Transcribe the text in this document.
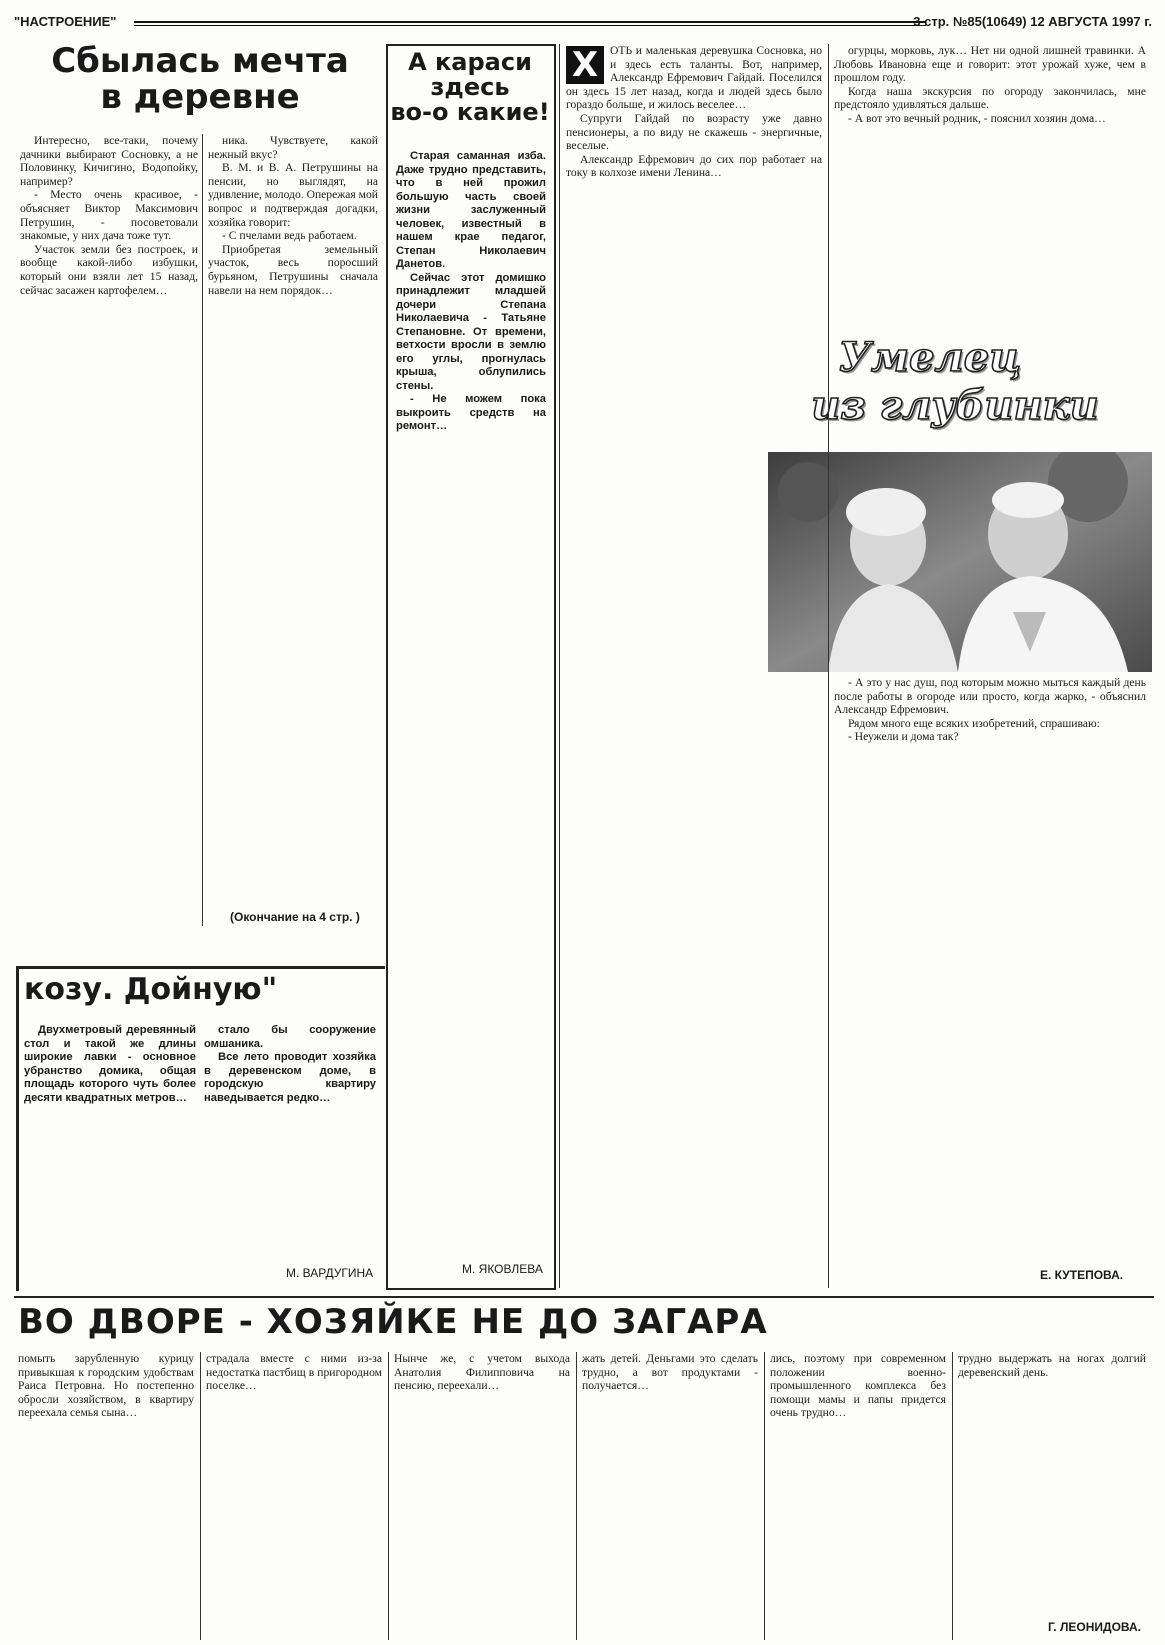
"НАСТРОЕНИЕ"	3 стр. №85(10649) 12 АВГУСТА 1997 г.
Сбылась мечта
в деревне

Интересно, все-таки, почему дачники выбирают Сосновку, а не Половинку, Кичигино, Водопойку, например?

- Место очень красивое, - объясняет Виктор Максимович Петрушин, - посоветовали знакомые, у них дача тоже тут.

Участок земли без построек, и вообще какой-либо избушки, который они взяли лет 15 назад, сейчас засажен картофелем…

ника. Чувствуете, какой нежный вкус?

В. М. и В. А. Петрушины на пенсии, но выглядят, на удивление, молодо. Опережая мой вопрос и подтверждая догадки, хозяйка говорит:

- С пчелами ведь работаем.

Приобретая земельный участок, весь поросший бурьяном, Петрушины сначала навели на нем порядок…

(Окончание на 4 стр. )
А караси
здесь
во-о какие!

Старая саманная изба. Даже трудно представить, что в ней прожил большую часть своей жизни заслуженный человек, известный в нашем крае педагог, Степан Николаевич Данетов.

Сейчас этот домишко принадлежит младшей дочери Степана Николаевича - Татьяне Степановне. От времени, ветхости вросли в землю его углы, прогнулась крыша, облупились стены.

- Не можем пока выкроить средств на ремонт…

М. ЯКОВЛЕВА
Х	ОТЬ и маленькая деревушка Сосновка, но и здесь есть таланты. Вот, например, Александр Ефремович Гайдай. Поселился он здесь 15 лет назад, когда и людей здесь было гораздо больше, и жилось веселее…

Супруги Гайдай по возрасту уже давно пенсионеры, а по виду не скажешь - энергичные, веселые.

Александр Ефремович до сих пор работает на току в колхозе имени Ленина…

огурцы, морковь, лук… Нет ни одной лишней травинки. А Любовь Ивановна еще и говорит: этот урожай хуже, чем в прошлом году.

Когда наша экскурсия по огороду закончилась, мне предстояло удивляться дальше.

- А вот это вечный родник, - пояснил хозяин дома…

Умелец
из глубинки

- А это у нас душ, под которым можно мыться каждый день после работы в огороде или просто, когда жарко, - объяснил Александр Ефремович.

Рядом много еще всяких изобретений, спрашиваю:

- Неужели и дома так?

Е. КУТЕПОВА.
козу. Дойную"

Двухметровый деревянный стол и такой же длины широкие лавки - основное убранство домика, общая площадь которого чуть более десяти квадратных метров…

стало бы сооружение омшаника.

Все лето проводит хозяйка в деревенском доме, в городскую квартиру наведывается редко…

М. ВАРДУГИНА
ВО ДВОРЕ - ХОЗЯЙКЕ НЕ ДО ЗАГАРА

помыть зарубленную курицу привыкшая к городским удобствам Раиса Петровна. Но постепенно обросли хозяйством, в квартиру переехала семья сына…

страдала вместе с ними из-за недостатка пастбищ в пригородном поселке…

Нынче же, с учетом выхода Анатолия Филипповича на пенсию, переехали…

жать детей. Деньгами это сделать трудно, а вот продуктами - получается…

лись, поэтому при современном положении военно-промышленного комплекса без помощи мамы и папы придется очень трудно…

трудно выдержать на ногах долгий деревенский день.

Г. ЛЕОНИДОВА.
